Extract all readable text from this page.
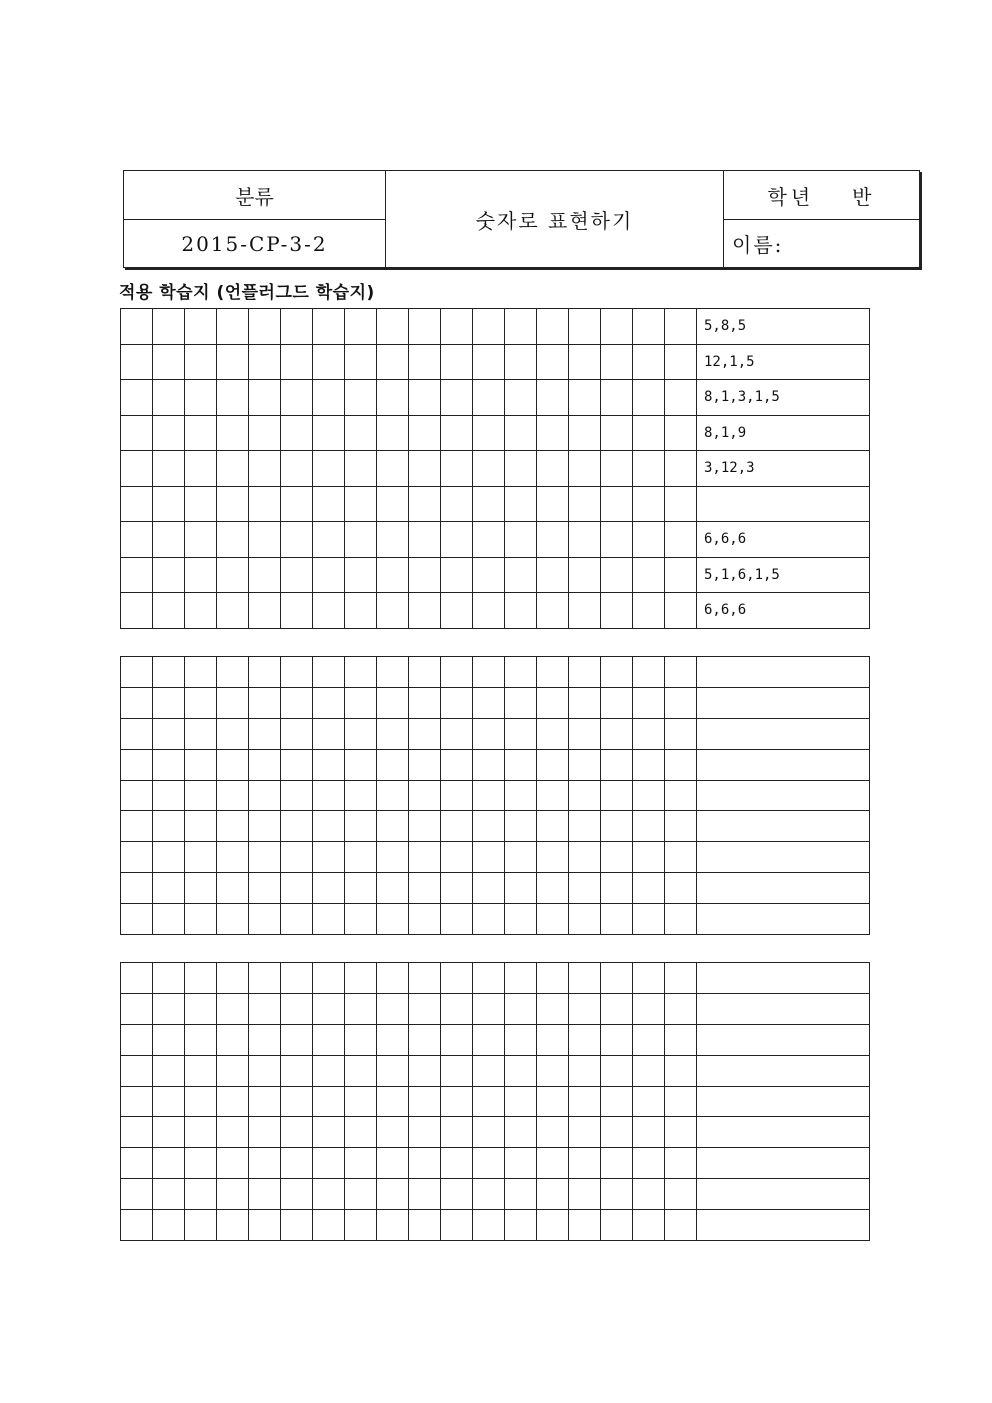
분류
2015-CP-3-2
숫자로 표현하기
학년 반
이름:
적용 학습지 (언플러그드 학습지)
																		5,8,5
																		12,1,5
																		8,1,3,1,5
																		8,1,9
																		3,12,3

																		6,6,6
																		5,1,6,1,5
																		6,6,6
